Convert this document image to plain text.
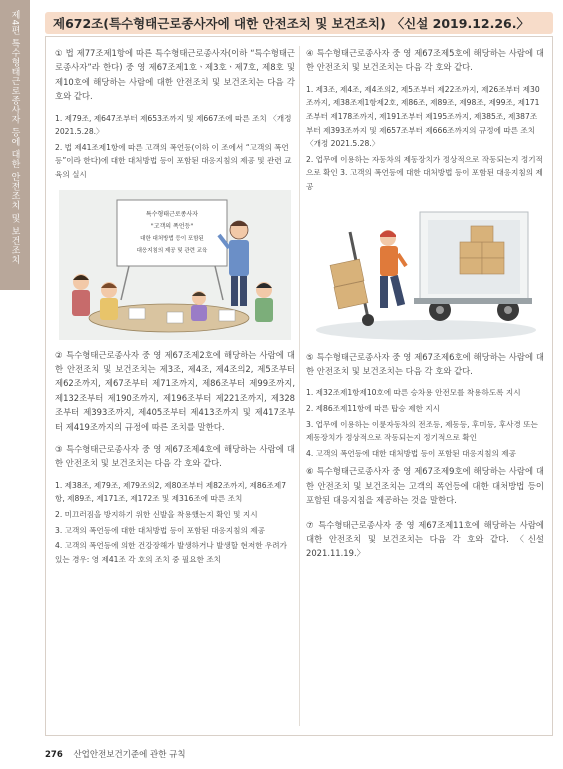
제4편 특수형태근로종사자 등에 대한 안전조치 및 보건조치	제672조(특수형태근로종사자에 대한 안전조치 및 보건조치) 〈신설 2019.12.26.〉

① 법 제77조제1항에 따른 특수형태근로종사자(이하 “특수형태근로종사자”라 한다) 중 영 제67조제1호ㆍ제3호ㆍ제7호, 제8호 및 제10호에 해당하는 사람에 대한 안전조치 및 보건조치는 다음 각 호와 같다.

1. 제79조, 제647조부터 제653조까지 및 제667조에 따른 조치 〈개정 2021.5.28.〉
2. 법 제41조제1항에 따른 고객의 폭언등(이하 이 조에서 “고객의 폭언등”이라 한다)에 대한 대처방법 등이 포함된 대응지침의 제공 및 관련 교육의 실시
특수형태근로종사자
"고객의 폭언등"
대한 대처방법 등이 포함된
대응지침의 제공 및 관련 교육

② 특수형태근로종사자 중 영 제67조제2호에 해당하는 사람에 대한 안전조치 및 보건조치는 제3조, 제4조, 제4조의2, 제5조부터 제62조까지, 제67조부터 제71조까지, 제86조부터 제99조까지, 제132조부터 제190조까지, 제196조부터 제221조까지, 제328조부터 제393조까지, 제405조부터 제413조까지 및 제417조부터 제419조까지의 규정에 따른 조치를 말한다.

③ 특수형태근로종사자 중 영 제67조제4호에 해당하는 사람에 대한 안전조치 및 보건조치는 다음 각 호와 같다.

1. 제38조, 제79조, 제79조의2, 제80조부터 제82조까지, 제86조제7항, 제89조, 제171조, 제172조 및 제316조에 따른 조치
2. 미끄러짐을 방지하기 위한 신발을 착용했는지 확인 및 지시
3. 고객의 폭언등에 대한 대처방법 등이 포함된 대응지침의 제공
4. 고객의 폭언등에 의한 건강장해가 발생하거나 발생할 현저한 우려가 있는 경우: 영 제41조 각 호의 조치 중 필요한 조치

④ 특수형태근로종사자 중 영 제67조제5호에 해당하는 사람에 대한 안전조치 및 보건조치는 다음 각 호와 같다.

1. 제3조, 제4조, 제4조의2, 제5조부터 제22조까지, 제26조부터 제30조까지, 제38조제1항제2호, 제86조, 제89조, 제98조, 제99조, 제171조부터 제178조까지, 제191조부터 제195조까지, 제385조, 제387조부터 제393조까지 및 제657조부터 제666조까지의 규정에 따른 조치 〈개정 2021.5.28.〉
2. 업무에 이용하는 자동차의 제동장치가 정상적으로 작동되는지 정기적으로 확인 3. 고객의 폭언등에 대한 대처방법 등이 포함된 대응지침의 제공

⑤ 특수형태근로종사자 중 영 제67조제6호에 해당하는 사람에 대한 안전조치 및 보건조치는 다음 각 호와 같다.

1. 제32조제1항제10호에 따른 승차용 안전모를 착용하도록 지시
2. 제86조제11항에 따른 탑승 제한 지시
3. 업무에 이용하는 이륜자동차의 전조등, 제동등, 후미등, 후사경 또는 제동장치가 정상적으로 작동되는지 정기적으로 확인
4. 고객의 폭언등에 대한 대처방법 등이 포함된 대응지침의 제공

⑥ 특수형태근로종사자 중 영 제67조제9호에 해당하는 사람에 대한 안전조치 및 보건조치는 고객의 폭언등에 대한 대처방법 등이 포함된 대응지침을 제공하는 것을 말한다.

⑦ 특수형태근로종사자 중 영 제67조제11호에 해당하는 사람에 대한 안전조치 및 보건조치는 다음 각 호와 같다. 〈신설 2021.11.19.〉

276 산업안전보건기준에 관한 규칙
